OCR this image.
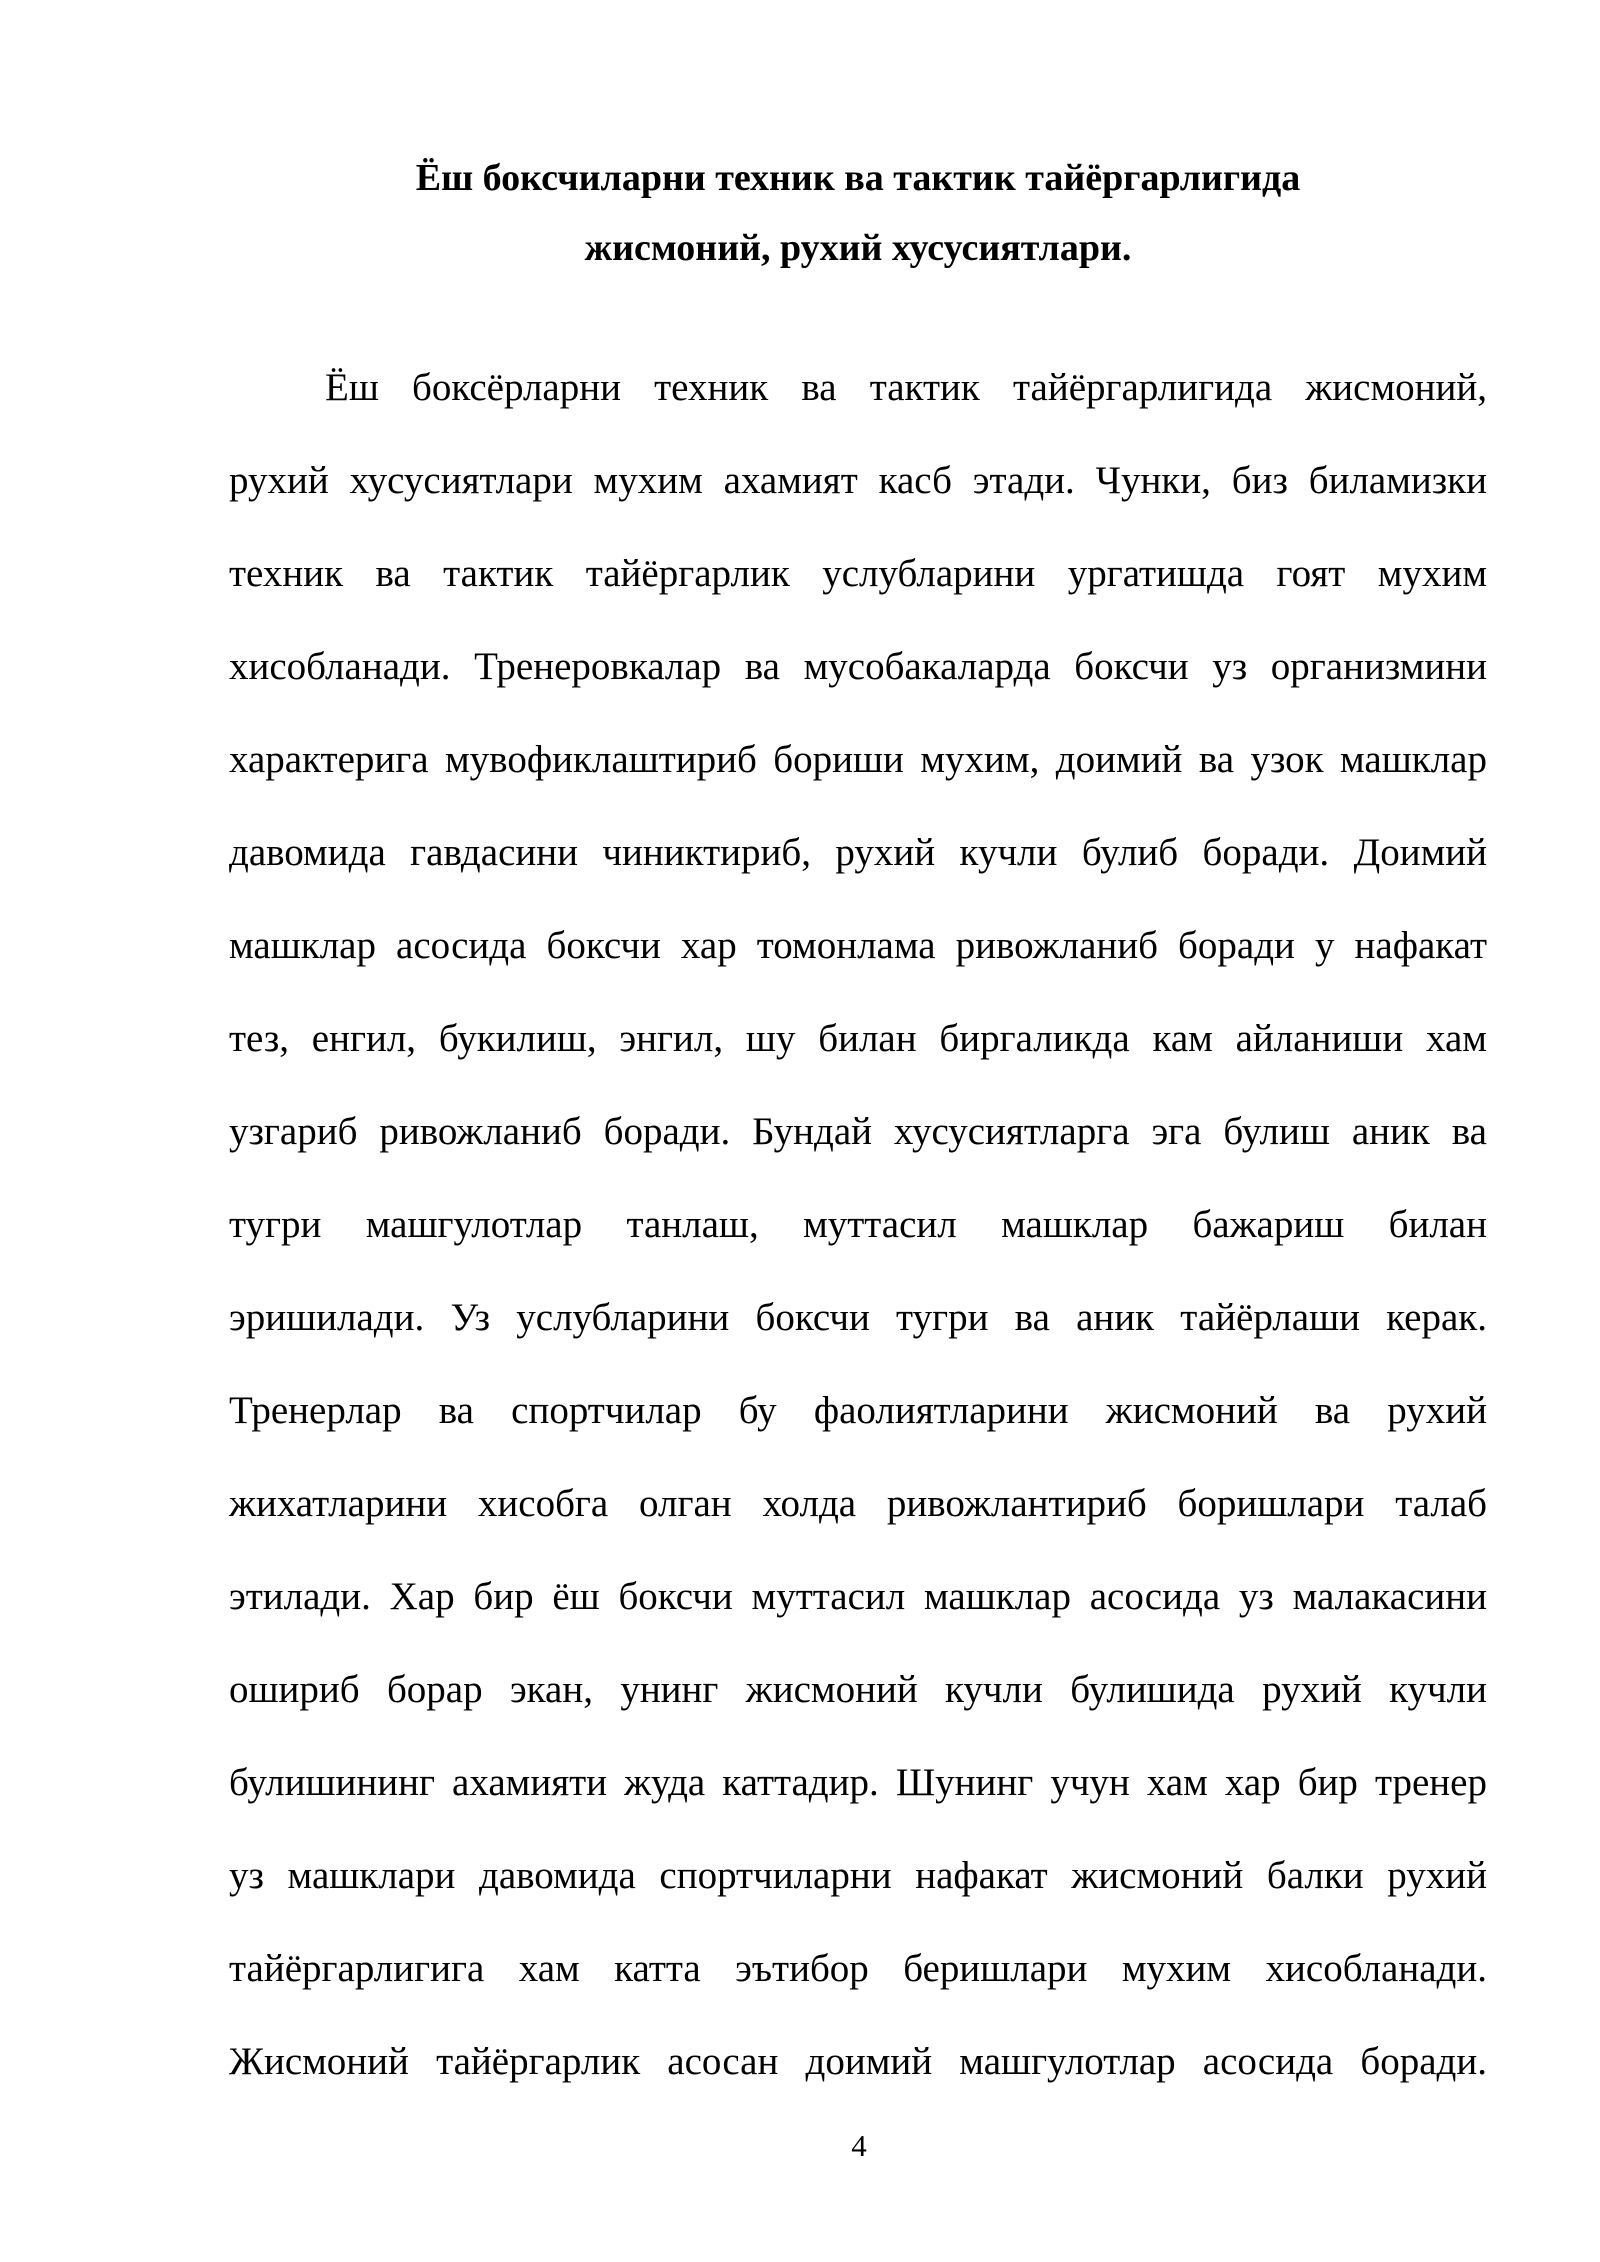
Ёш боксчиларни техник ва тактик тайёргарлигида
жисмоний, рухий хусусиятлари.
Ёш боксёрларни техник ва тактик тайёргарлигида жисмоний,
рухий хусусиятлари мухим ахамият касб этади. Чунки, биз биламизки
техник ва тактик тайёргарлик услубларини ургатишда гоят мухим
хисобланади. Тренеровкалар ва мусобакаларда боксчи уз организмини
характерига мувофиклаштириб бориши мухим, доимий ва узок машклар
давомида гавдасини чиниктириб, рухий кучли булиб боради. Доимий
машклар асосида боксчи хар томонлама ривожланиб боради у нафакат
тез, енгил, букилиш, энгил, шу билан биргаликда кам айланиши хам
узгариб ривожланиб боради. Бундай хусусиятларга эга булиш аник ва
тугри машгулотлар танлаш, муттасил машклар бажариш билан
эришилади. Уз услубларини боксчи тугри ва аник тайёрлаши керак.
Тренерлар ва спортчилар бу фаолиятларини жисмоний ва рухий
жихатларини хисобга олган холда ривожлантириб боришлари талаб
этилади. Хар бир ёш боксчи муттасил машклар асосида уз малакасини
ошириб борар экан, унинг жисмоний кучли булишида рухий кучли
булишининг ахамияти жуда каттадир. Шунинг учун хам хар бир тренер
уз машклари давомида спортчиларни нафакат жисмоний балки рухий
тайёргарлигига хам катта эътибор беришлари мухим хисобланади.
Жисмоний тайёргарлик асосан доимий машгулотлар асосида боради.
4
